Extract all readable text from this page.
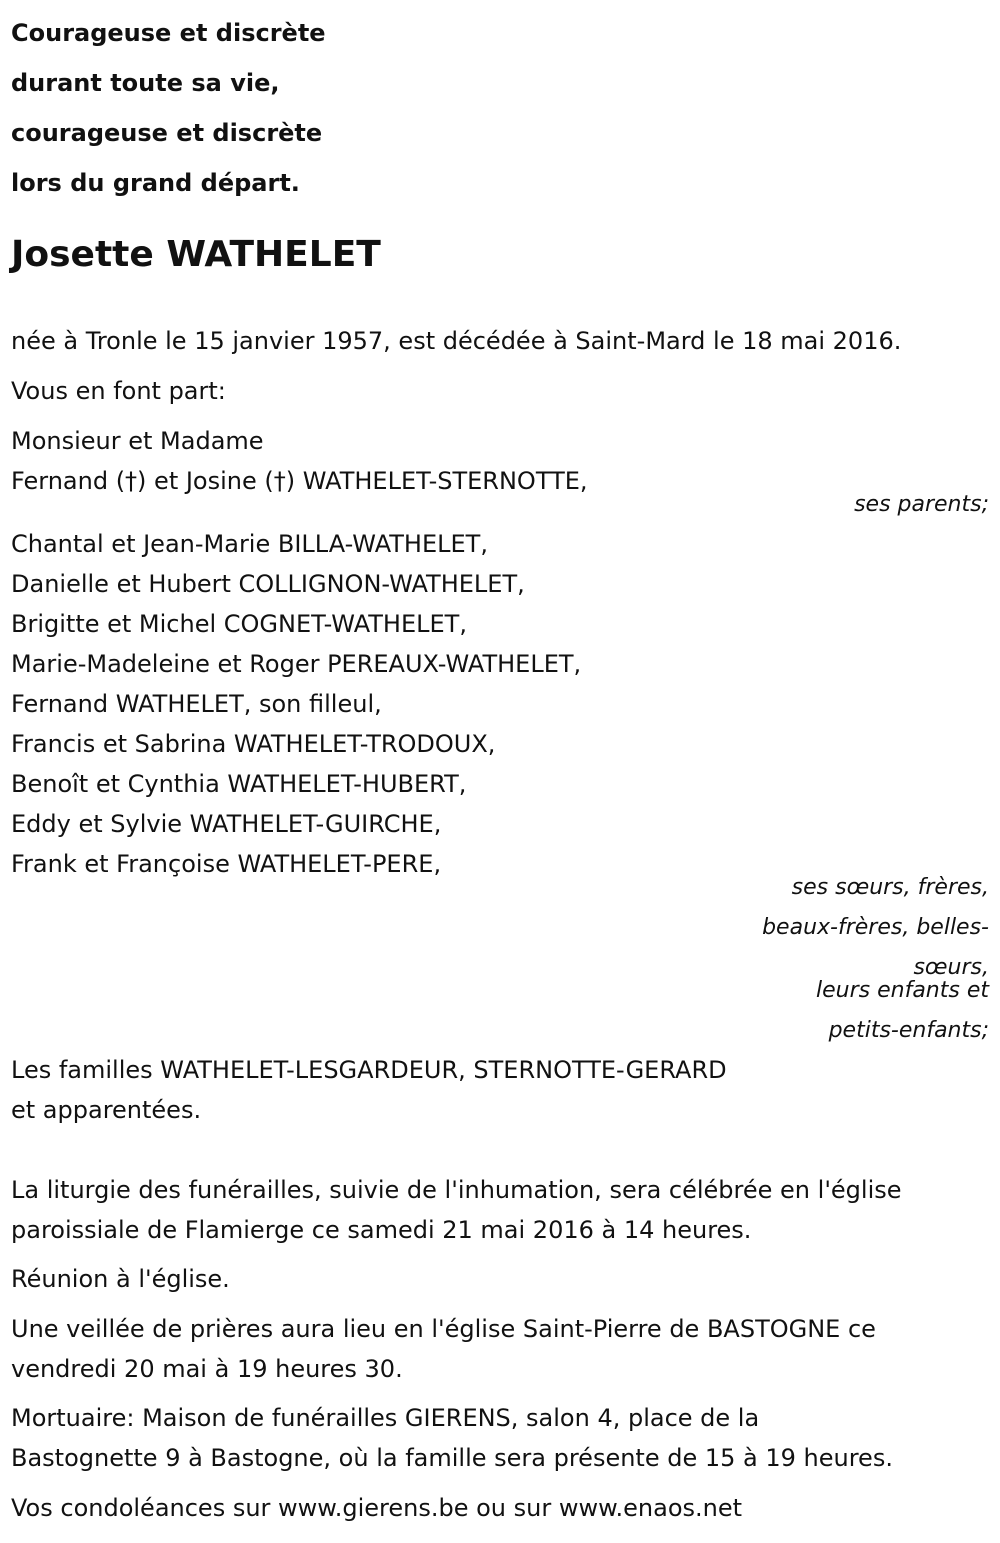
Courageuse et discrète
durant toute sa vie,
courageuse et discrète
lors du grand départ.
Josette WATHELET
née à Tronle le 15 janvier 1957, est décédée à Saint-Mard le 18 mai 2016.
Vous en font part:
Monsieur et Madame
Fernand (†) et Josine (†) WATHELET-STERNOTTE,
ses parents;
Chantal et Jean-Marie BILLA-WATHELET,
Danielle et Hubert COLLIGNON-WATHELET,
Brigitte et Michel COGNET-WATHELET,
Marie-Madeleine et Roger PEREAUX-WATHELET,
Fernand WATHELET, son filleul,
Francis et Sabrina WATHELET-TRODOUX,
Benoît et Cynthia WATHELET-HUBERT,
Eddy et Sylvie WATHELET-GUIRCHE,
Frank et Françoise WATHELET-PERE,
ses sœurs, frères,
beaux-frères, belles-
sœurs,
leurs enfants et
petits-enfants;
Les familles WATHELET-LESGARDEUR, STERNOTTE-GERARD
et apparentées.
La liturgie des funérailles, suivie de l'inhumation, sera célébrée en l'église
paroissiale de Flamierge ce samedi 21 mai 2016 à 14 heures.
Réunion à l'église.
Une veillée de prières aura lieu en l'église Saint-Pierre de BASTOGNE ce
vendredi 20 mai à 19 heures 30.
Mortuaire: Maison de funérailles GIERENS, salon 4, place de la
Bastognette 9 à Bastogne, où la famille sera présente de 15 à 19 heures.
Vos condoléances sur www.gierens.be ou sur www.enaos.net
